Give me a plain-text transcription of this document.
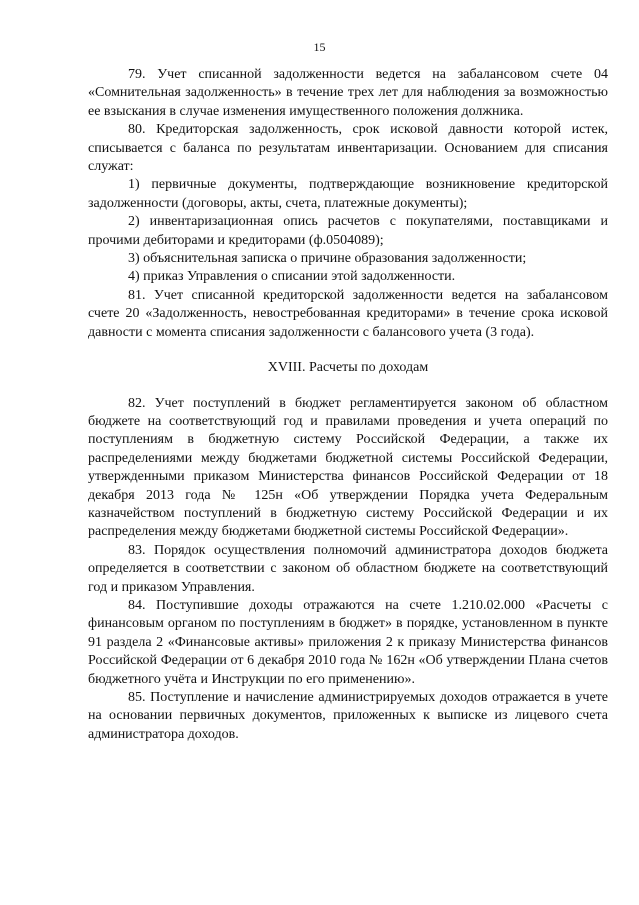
15

79. Учет списанной задолженности ведется на забалансовом счете 04 «Сомнительная задолженность» в течение трех лет для наблюдения за возможностью ее взыскания в случае изменения имущественного положения должника.

80. Кредиторская задолженность, срок исковой давности которой истек, списывается с баланса по результатам инвентаризации. Основанием для списания служат:

1) первичные документы, подтверждающие возникновение кредиторской задолженности (договоры, акты, счета, платежные документы);

2) инвентаризационная опись расчетов с покупателями, поставщиками и прочими дебиторами и кредиторами (ф.0504089);

3) объяснительная записка о причине образования задолженности;

4) приказ Управления о списании этой задолженности.

81. Учет списанной кредиторской задолженности ведется на забалансовом счете 20 «Задолженность, невостребованная кредиторами» в течение срока исковой давности с момента списания задолженности с балансового учета (3 года).

XVIII. Расчеты по доходам

82. Учет поступлений в бюджет регламентируется законом об областном бюджете на соответствующий год и правилами проведения и учета операций по поступлениям в бюджетную систему Российской Федерации, а также их распределениями между бюджетами бюджетной системы Российской Федерации, утвержденными приказом Министерства финансов Российской Федерации от 18 декабря 2013 года № 125н «Об утверждении Порядка учета Федеральным казначейством поступлений в бюджетную систему Российской Федерации и их распределения между бюджетами бюджетной системы Российской Федерации».

83. Порядок осуществления полномочий администратора доходов бюджета определяется в соответствии с законом об областном бюджете на соответствующий год и приказом Управления.

84. Поступившие доходы отражаются на счете 1.210.02.000 «Расчеты с финансовым органом по поступлениям в бюджет» в порядке, установленном в пункте 91 раздела 2 «Финансовые активы» приложения 2 к приказу Министерства финансов Российской Федерации от 6 декабря 2010 года № 162н «Об утверждении Плана счетов бюджетного учёта и Инструкции по его применению».

85. Поступление и начисление администрируемых доходов отражается в учете на основании первичных документов, приложенных к выписке из лицевого счета администратора доходов.
